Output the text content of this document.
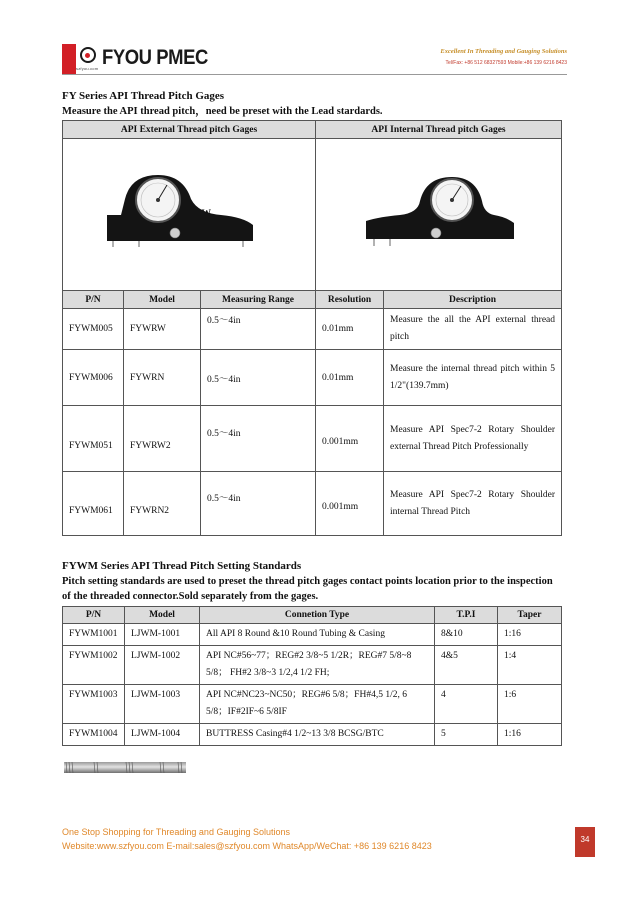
szfyou.com FYOU PMEC	Excellent In Threading and Gauging Solutions
Tel/Fax: +86 512 68327593 Mobile:+86 139 6216 8423
FY Series API Thread Pitch Gages
Measure the API thread pitch，need be preset with the Lead stardards.
API External Thread pitch Gages			API Internal Thread pitch Gages	

P/N	Model	Measuring Range	Resolution	Description
FYWM005	FYWRW	0.5～4in	0.01mm	Measure the all the API external thread pitch
FYWM006	FYWRN	0.5～4in	0.01mm	Measure the internal thread pitch within 5 1/2"(139.7mm)
FYWM051	FYWRW2	0.5～4in	0.001mm	Measure API Spec7-2 Rotary Shoulder external Thread Pitch Professionally
FYWM061	FYWRN2	0.5～4in	0.001mm	Measure API Spec7-2 Rotary Shoulder internal Thread Pitch
FYWM Series API Thread Pitch Setting Standards
Pitch setting standards are used to preset the thread pitch gages contact points location prior to the inspection of the threaded connector.Sold separately from the gages.
P/N	Model	Connetion Type	T.P.I	Taper
FYWM1001	LJWM-1001	All API 8 Round &10 Round Tubing & Casing	8&10	1:16
FYWM1002	LJWM-1002	API NC#56~77；REG#2 3/8~5 1/2R；REG#7 5/8~8 5/8； FH#2 3/8~3 1/2,4 1/2 FH;	4&5	1:4
FYWM1003	LJWM-1003	API NC#NC23~NC50；REG#6 5/8；FH#4,5 1/2, 6 5/8；IF#2IF~6 5/8IF	4	1:6
FYWM1004	LJWM-1004	BUTTRESS Casing#4 1/2~13 3/8 BCSG/BTC	5	1:16
One Stop Shopping for Threading and Gauging Solutions
Website:www.szfyou.com E-mail:sales@szfyou.com WhatsApp/WeChat: +86 139 6216 8423
34
